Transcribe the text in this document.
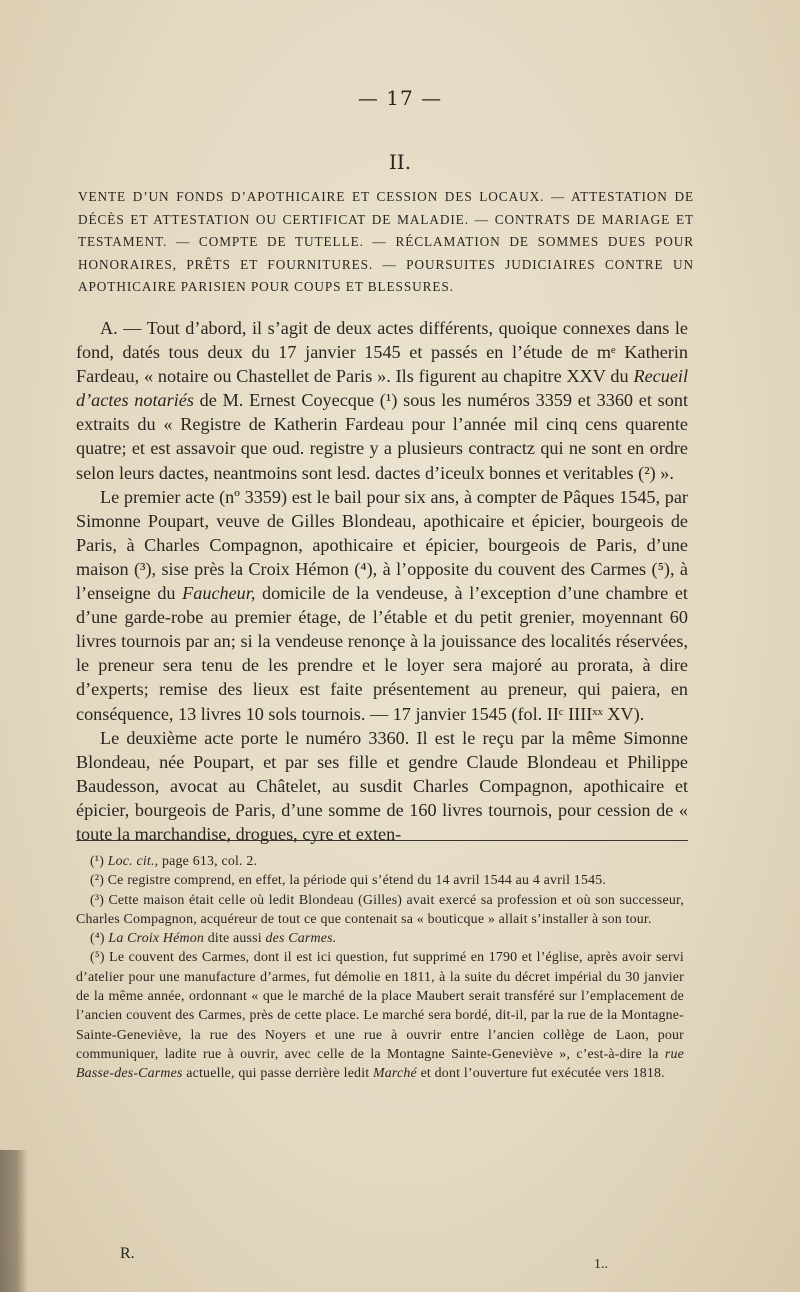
— 17 —
II.
VENTE D’UN FONDS D’APOTHICAIRE ET CESSION DES LOCAUX. — ATTESTATION DE DÉCÈS ET ATTESTATION OU CERTIFICAT DE MALADIE. — CONTRATS DE MARIAGE ET TESTAMENT. — COMPTE DE TUTELLE. — RÉCLAMATION DE SOMMES DUES POUR HONORAIRES, PRÊTS ET FOURNITURES. — POURSUITES JUDICIAIRES CONTRE UN APOTHICAIRE PARISIEN POUR COUPS ET BLESSURES.

A. — Tout d’abord, il s’agit de deux actes différents, quoique connexes dans le fond, datés tous deux du 17 janvier 1545 et passés en l’étude de mᵉ Katherin Fardeau, « notaire ou Chastellet de Paris ». Ils figurent au chapitre XXV du Recueil d’actes notariés de M. Ernest Coyecque (¹) sous les numéros 3359 et 3360 et sont extraits du « Registre de Katherin Fardeau pour l’année mil cinq cens quarente quatre; et est assavoir que oud. registre y a plusieurs contractz qui ne sont en ordre selon leurs dactes, neantmoins sont lesd. dactes d’iceulx bonnes et veritables (²) ».

Le premier acte (nº 3359) est le bail pour six ans, à compter de Pâques 1545, par Simonne Poupart, veuve de Gilles Blondeau, apothicaire et épicier, bourgeois de Paris, à Charles Compagnon, apothicaire et épicier, bourgeois de Paris, d’une maison (³), sise près la Croix Hémon (⁴), à l’opposite du couvent des Carmes (⁵), à l’enseigne du Faucheur, domicile de la vendeuse, à l’exception d’une chambre et d’une garde-robe au premier étage, de l’étable et du petit grenier, moyennant 60 livres tournois par an; si la vendeuse renonçe à la jouissance des localités réservées, le preneur sera tenu de les prendre et le loyer sera majoré au prorata, à dire d’experts; remise des lieux est faite présentement au preneur, qui paiera, en conséquence, 13 livres 10 sols tournois. — 17 janvier 1545 (fol. IIᶜ IIIIˣˣ XV).

Le deuxième acte porte le numéro 3360. Il est le reçu par la même Simonne Blondeau, née Poupart, et par ses fille et gendre Claude Blondeau et Philippe Baudesson, avocat au Châtelet, au susdit Charles Compagnon, apothicaire et épicier, bourgeois de Paris, d’une somme de 160 livres tournois, pour cession de « toute la marchandise, drogues, cyre et exten-

(¹) Loc. cit., page 613, col. 2.

(²) Ce registre comprend, en effet, la période qui s’étend du 14 avril 1544 au 4 avril 1545.

(³) Cette maison était celle où ledit Blondeau (Gilles) avait exercé sa profession et où son successeur, Charles Compagnon, acquéreur de tout ce que contenait sa « bouticque » allait s’installer à son tour.

(⁴) La Croix Hémon dite aussi des Carmes.

(⁵) Le couvent des Carmes, dont il est ici question, fut supprimé en 1790 et l’église, après avoir servi d’atelier pour une manufacture d’armes, fut démolie en 1811, à la suite du décret impérial du 30 janvier de la même année, ordonnant « que le marché de la place Maubert serait transféré sur l’emplacement de l’ancien couvent des Carmes, près de cette place. Le marché sera bordé, dit-il, par la rue de la Montagne-Sainte-Geneviève, la rue des Noyers et une rue à ouvrir entre l’ancien collège de Laon, pour communiquer, ladite rue à ouvrir, avec celle de la Montagne Sainte-Geneviève », c’est-à-dire la rue Basse-des-Carmes actuelle, qui passe derrière ledit Marché et dont l’ouverture fut exécutée vers 1818.

R.
1..
